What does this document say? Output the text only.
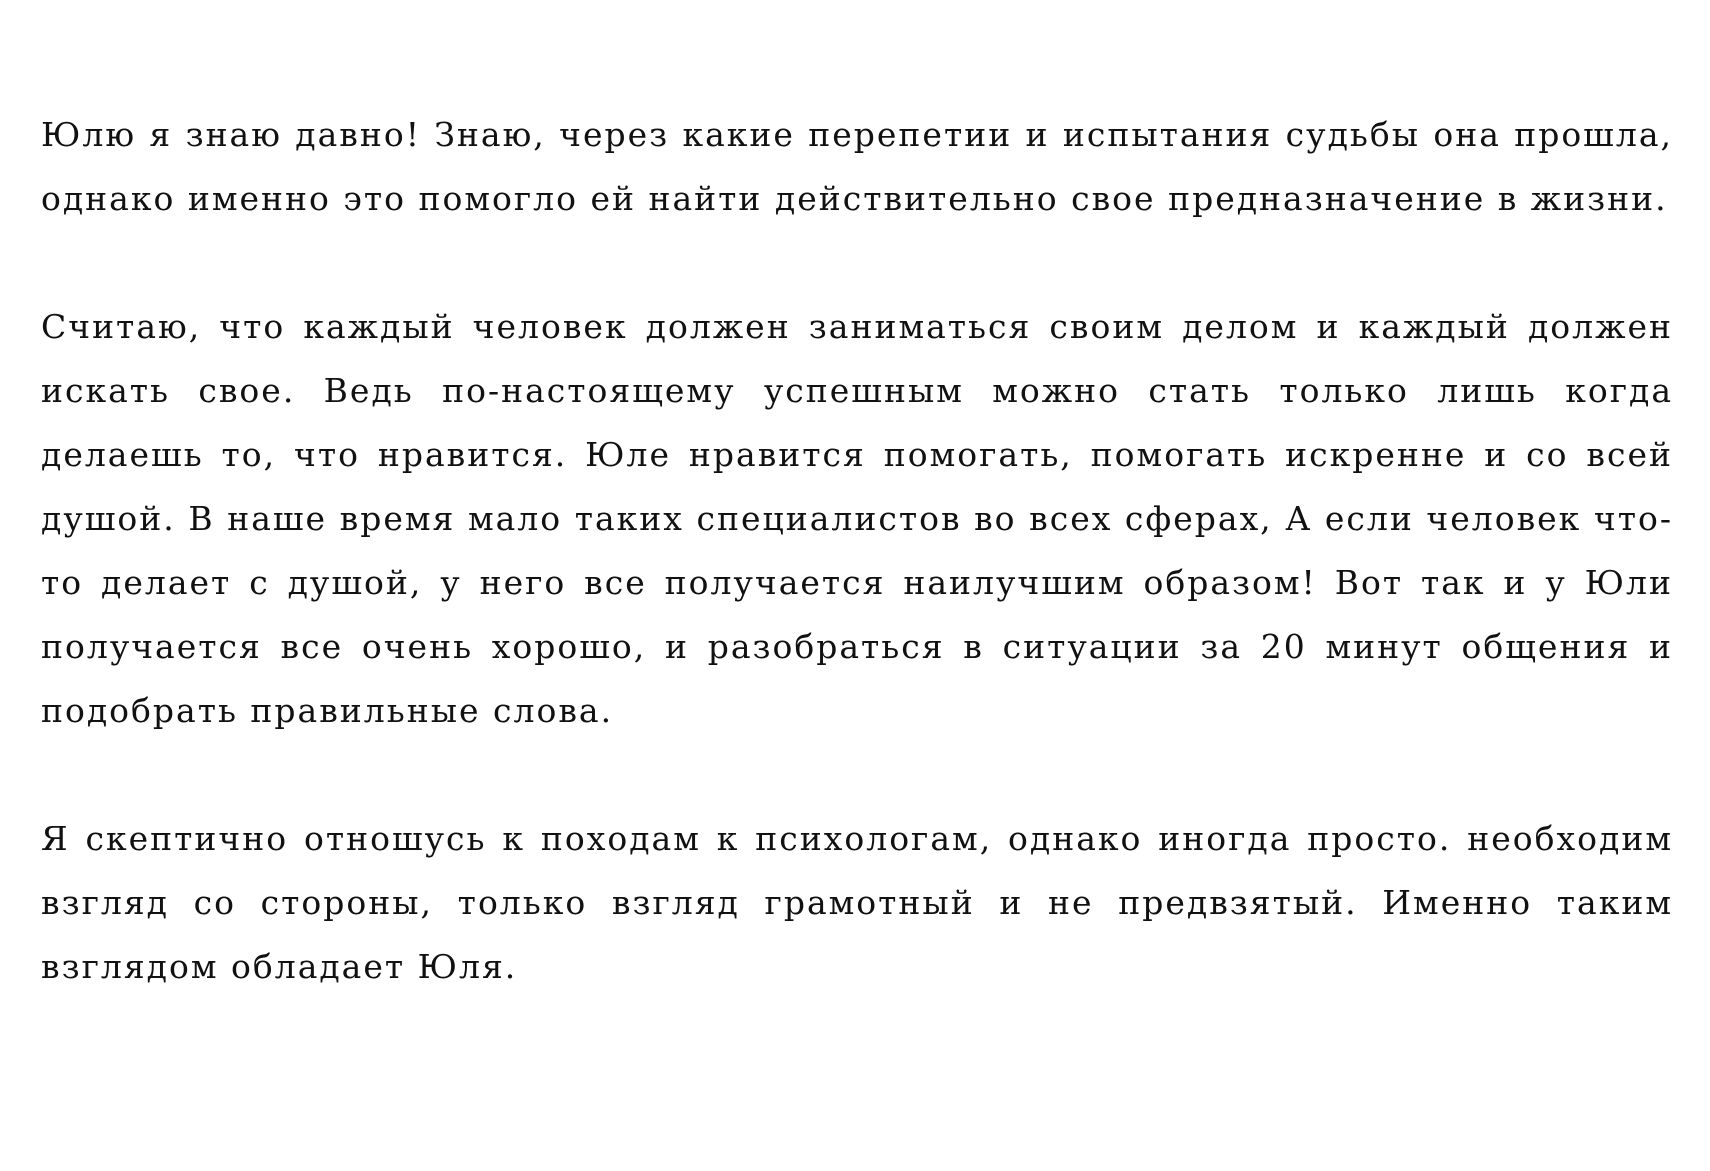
Юлю я знаю давно! Знаю, через какие перепетии и испытания судьбы она прошла, однако именно это помогло ей найти действительно свое предназначение в жизни.

Считаю, что каждый человек должен заниматься своим делом и каждый должен искать свое. Ведь по-настоящему успешным можно стать только лишь когда делаешь то, что нравится. Юле нравится помогать, помогать искренне и со всей душой. В наше время мало таких специалистов во всех сферах, А если человек что-то делает с душой, у него все получается наилучшим образом! Вот так и у Юли получается все очень хорошо, и разобраться в ситуации за 20 минут общения и подобрать правильные слова.

Я скептично отношусь к походам к психологам, однако иногда просто. необходим взгляд со стороны, только взгляд грамотный и не предвзятый. Именно таким взглядом обладает Юля.
